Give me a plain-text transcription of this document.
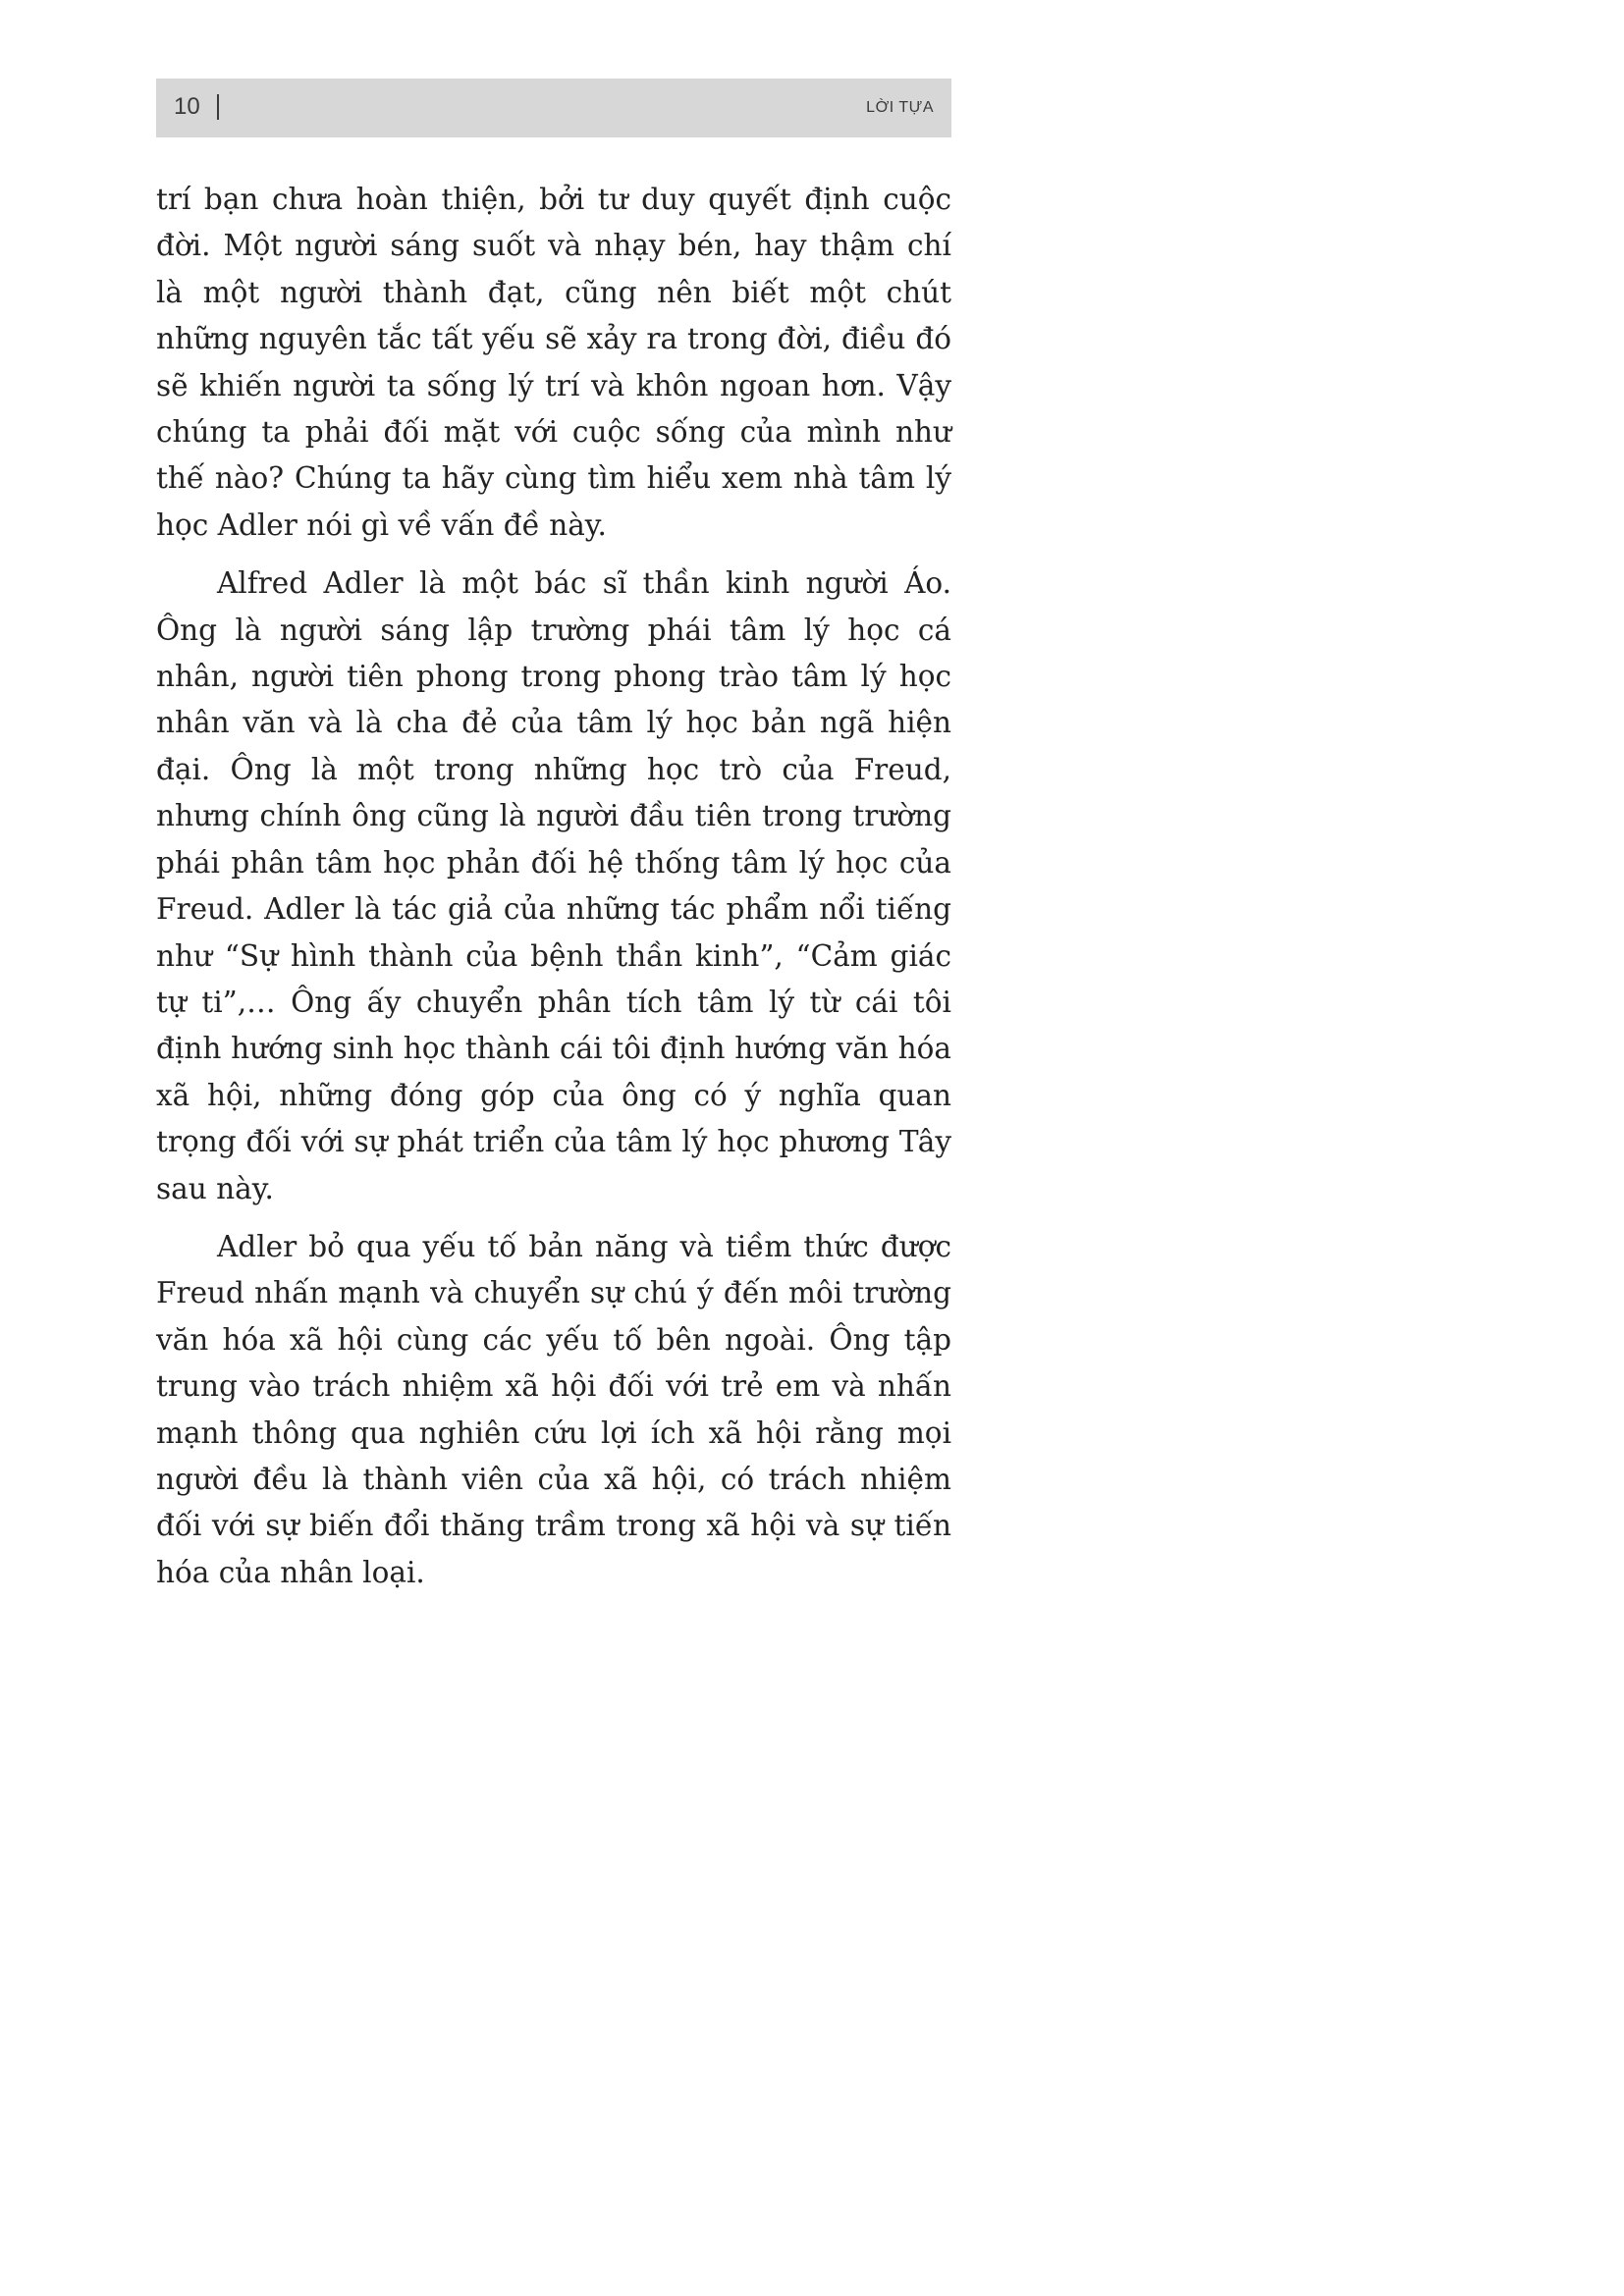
10	LỜI TỰA

trí bạn chưa hoàn thiện, bởi tư duy quyết định cuộc đời. Một người sáng suốt và nhạy bén, hay thậm chí là một người thành đạt, cũng nên biết một chút những nguyên tắc tất yếu sẽ xảy ra trong đời, điều đó sẽ khiến người ta sống lý trí và khôn ngoan hơn. Vậy chúng ta phải đối mặt với cuộc sống của mình như thế nào? Chúng ta hãy cùng tìm hiểu xem nhà tâm lý học Adler nói gì về vấn đề này.

Alfred Adler là một bác sĩ thần kinh người Áo. Ông là người sáng lập trường phái tâm lý học cá nhân, người tiên phong trong phong trào tâm lý học nhân văn và là cha đẻ của tâm lý học bản ngã hiện đại. Ông là một trong những học trò của Freud, nhưng chính ông cũng là người đầu tiên trong trường phái phân tâm học phản đối hệ thống tâm lý học của Freud. Adler là tác giả của những tác phẩm nổi tiếng như “Sự hình thành của bệnh thần kinh”, “Cảm giác tự ti”,… Ông ấy chuyển phân tích tâm lý từ cái tôi định hướng sinh học thành cái tôi định hướng văn hóa xã hội, những đóng góp của ông có ý nghĩa quan trọng đối với sự phát triển của tâm lý học phương Tây sau này.

Adler bỏ qua yếu tố bản năng và tiềm thức được Freud nhấn mạnh và chuyển sự chú ý đến môi trường văn hóa xã hội cùng các yếu tố bên ngoài. Ông tập trung vào trách nhiệm xã hội đối với trẻ em và nhấn mạnh thông qua nghiên cứu lợi ích xã hội rằng mọi người đều là thành viên của xã hội, có trách nhiệm đối với sự biến đổi thăng trầm trong xã hội và sự tiến hóa của nhân loại.
